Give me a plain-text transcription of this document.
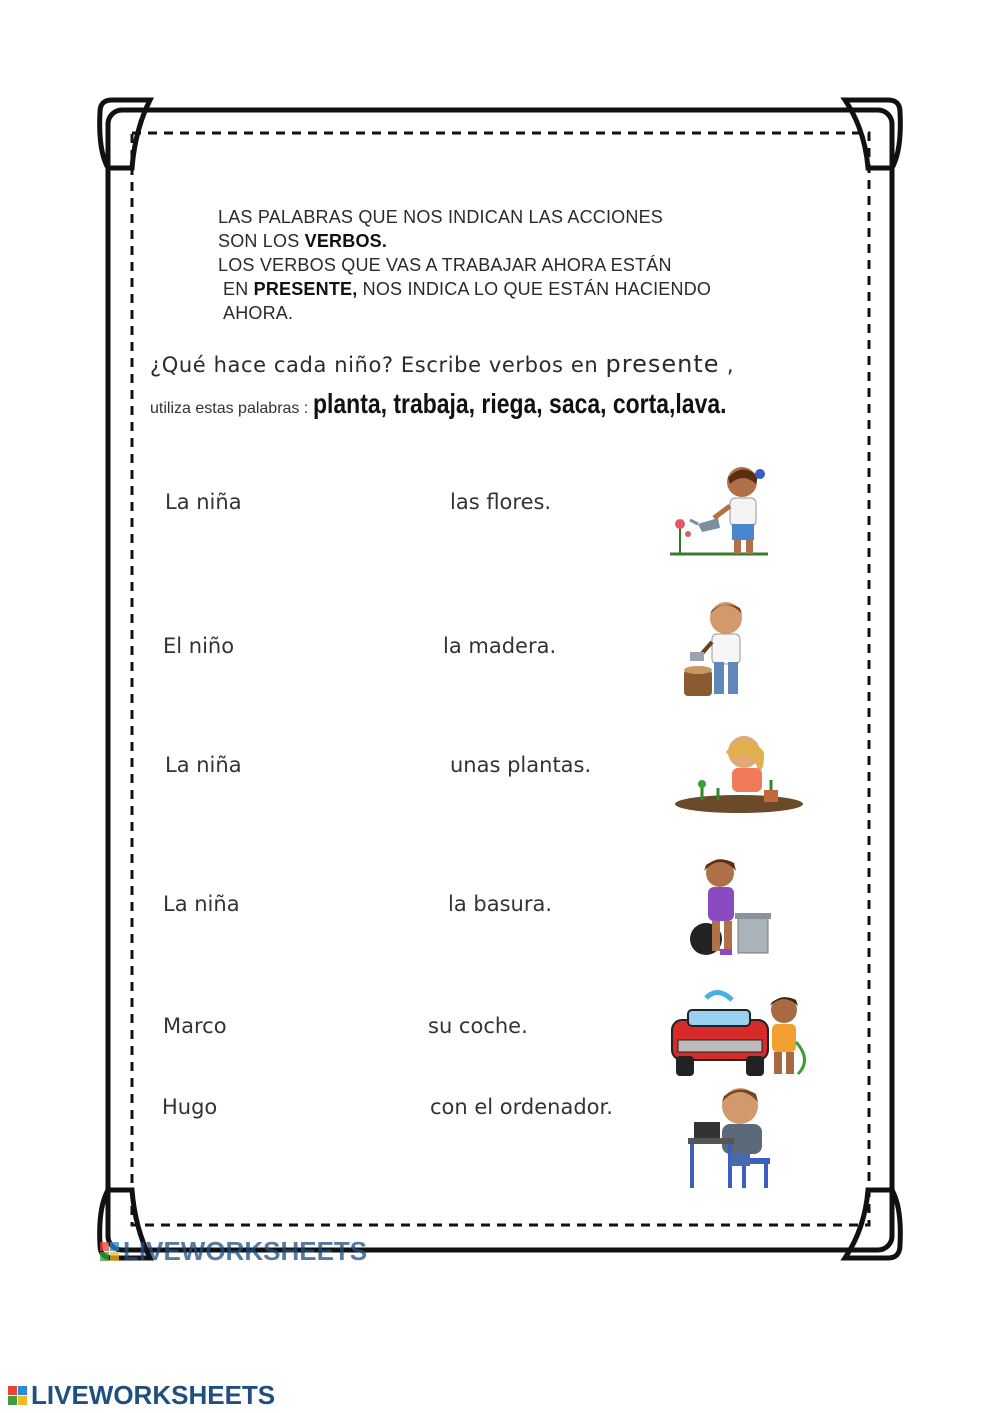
LAS PALABRAS QUE NOS INDICAN LAS ACCIONES
SON LOS VERBOS.
LOS VERBOS QUE VAS A TRABAJAR AHORA ESTÁN
EN PRESENTE, NOS INDICA LO QUE ESTÁN HACIENDO
AHORA.
¿Qué hace cada niño? Escribe verbos en presente ,
utiliza estas palabras : planta, trabaja, riega, saca, corta,lava.
La niña	las flores.
El niño	la madera.
La niña	unas plantas.
La niña	la basura.
Marco	su coche.
Hugo	con el ordenador.
LIVEWORKSHEETS
LIVEWORKSHEETS
